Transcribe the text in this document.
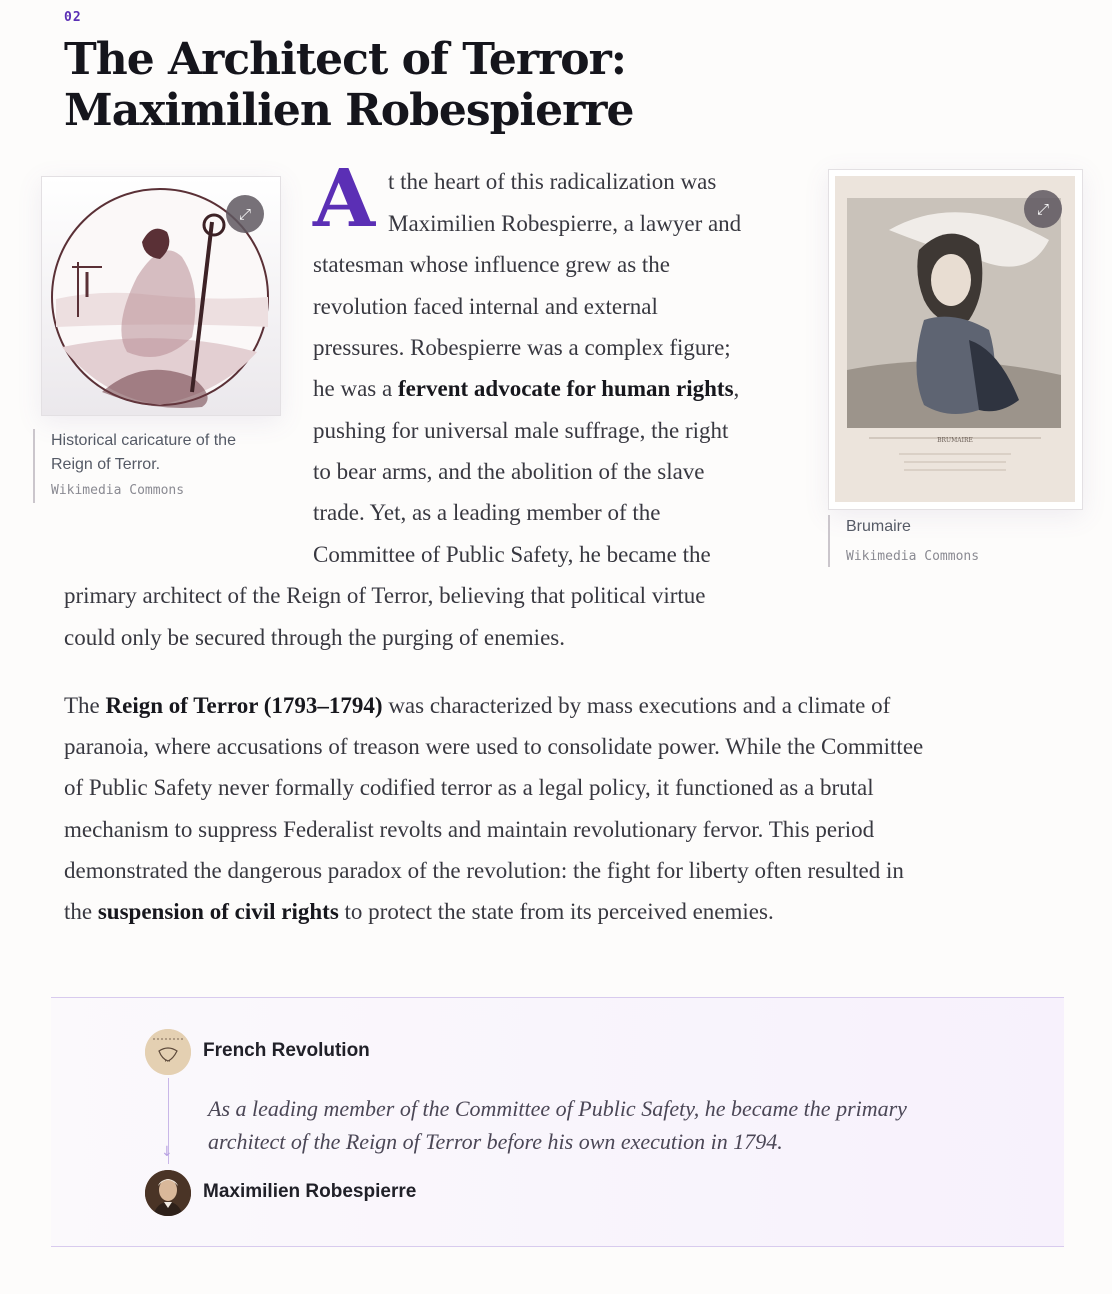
02
The Architect of Terror:
Maximilien Robespierre
⤢
Historical caricature of the
Reign of Terror.
Wikimedia Commons
BRUMAIRE
⤢
Brumaire
Wikimedia Commons
A t the heart of this radicalization was
Maximilien Robespierre, a lawyer and
statesman whose influence grew as the
revolution faced internal and external
pressures. Robespierre was a complex figure;
he was a fervent advocate for human rights,
pushing for universal male suffrage, the right
to bear arms, and the abolition of the slave
trade. Yet, as a leading member of the
Committee of Public Safety, he became the
primary architect of the Reign of Terror, believing that political virtue
could only be secured through the purging of enemies.
The Reign of Terror (1793–1794) was characterized by mass executions and a climate of
paranoia, where accusations of treason were used to consolidate power. While the Committee
of Public Safety never formally codified terror as a legal policy, it functioned as a brutal
mechanism to suppress Federalist revolts and maintain revolutionary fervor. This period
demonstrated the dangerous paradox of the revolution: the fight for liberty often resulted in
the suspension of civil rights to protect the state from its perceived enemies.
French Revolution
↓
As a leading member of the Committee of Public Safety, he became the primary
architect of the Reign of Terror before his own execution in 1794.
Maximilien Robespierre
